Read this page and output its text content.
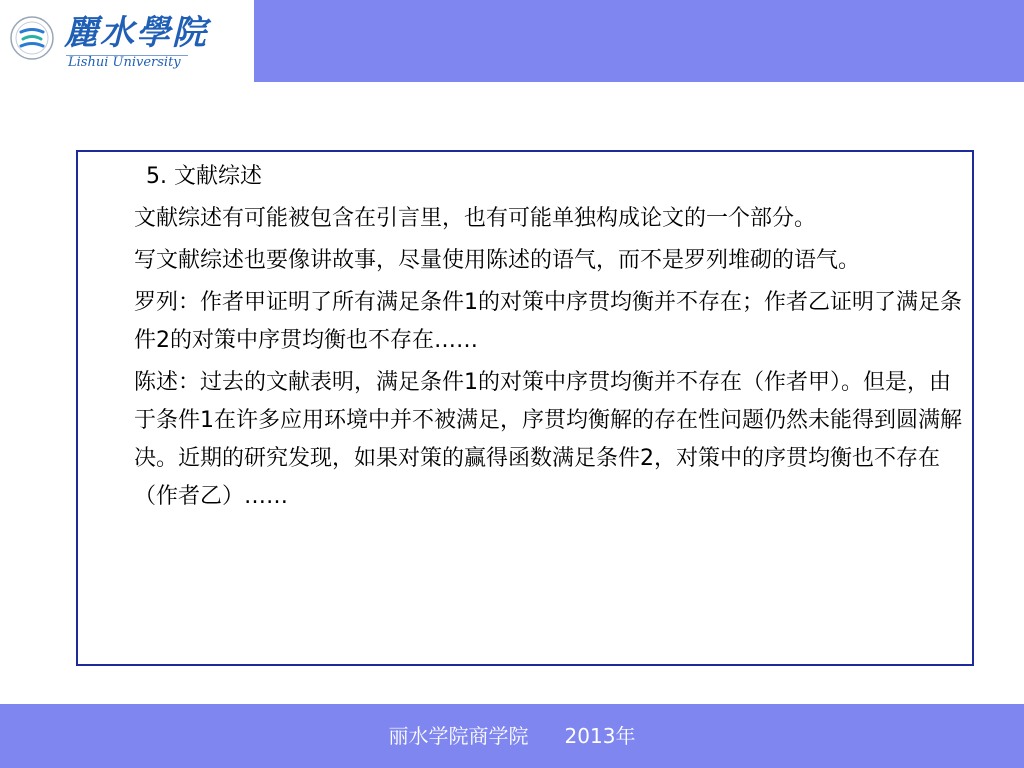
麗水學院
Lishui University

5. 文献综述

文献综述有可能被包含在引言里，也有可能单独构成论文的一个部分。

写文献综述也要像讲故事，尽量使用陈述的语气，而不是罗列堆砌的语气。

罗列：作者甲证明了所有满足条件1的对策中序贯均衡并不存在；作者乙证明了满足条件2的对策中序贯均衡也不存在……

陈述：过去的文献表明，满足条件1的对策中序贯均衡并不存在（作者甲）。但是，由于条件1在许多应用环境中并不被满足，序贯均衡解的存在性问题仍然未能得到圆满解决。近期的研究发现，如果对策的赢得函数满足条件2，对策中的序贯均衡也不存在（作者乙）……

丽水学院商学院 2013年
